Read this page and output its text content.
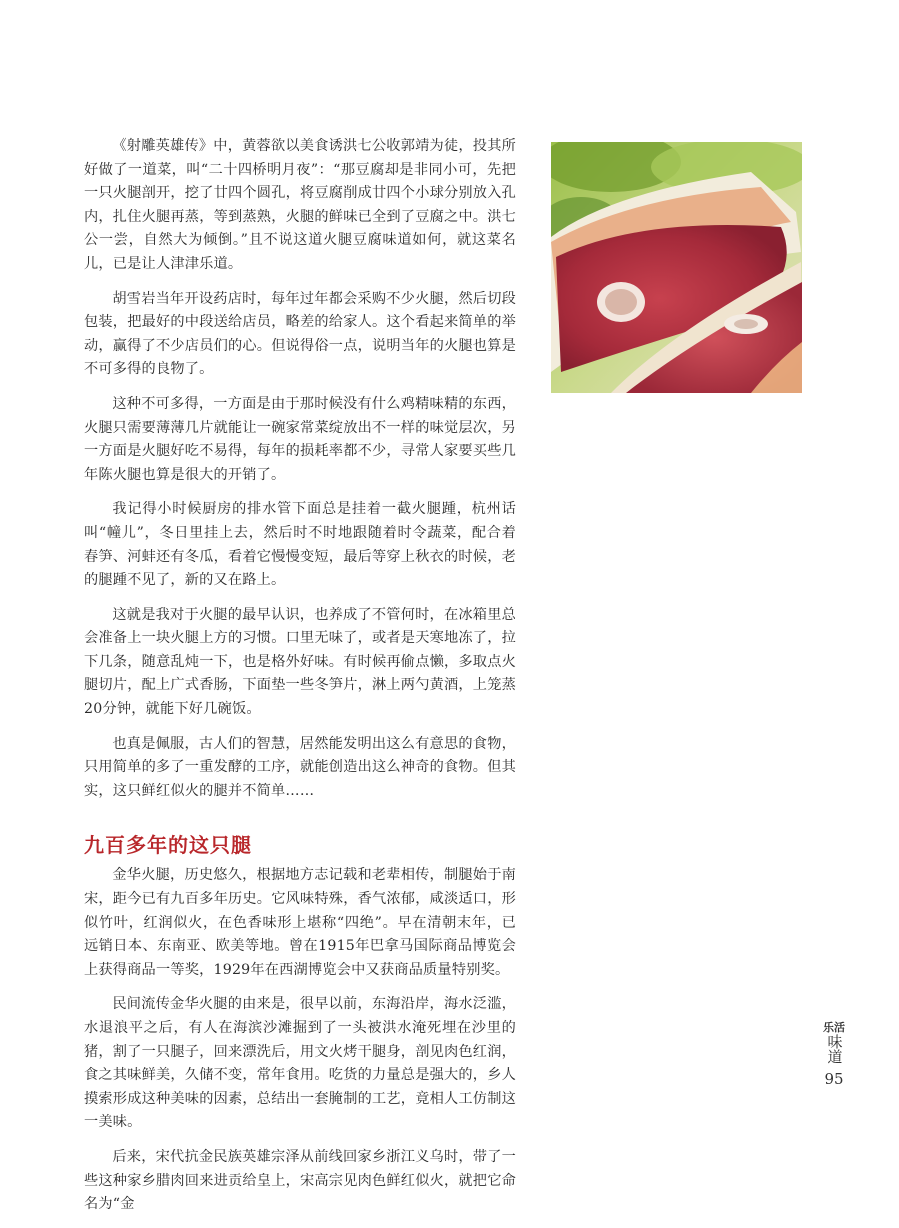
《射雕英雄传》中，黄蓉欲以美食诱洪七公收郭靖为徒，投其所好做了一道菜，叫“二十四桥明月夜”：“那豆腐却是非同小可，先把一只火腿剖开，挖了廿四个圆孔，将豆腐削成廿四个小球分别放入孔内，扎住火腿再蒸，等到蒸熟，火腿的鲜味已全到了豆腐之中。洪七公一尝，自然大为倾倒。”且不说这道火腿豆腐味道如何，就这菜名儿，已是让人津津乐道。

胡雪岩当年开设药店时，每年过年都会采购不少火腿，然后切段包装，把最好的中段送给店员，略差的给家人。这个看起来简单的举动，赢得了不少店员们的心。但说得俗一点，说明当年的火腿也算是不可多得的良物了。

这种不可多得，一方面是由于那时候没有什么鸡精味精的东西，火腿只需要薄薄几片就能让一碗家常菜绽放出不一样的味觉层次，另一方面是火腿好吃不易得，每年的损耗率都不少，寻常人家要买些几年陈火腿也算是很大的开销了。

我记得小时候厨房的排水管下面总是挂着一截火腿踵，杭州话叫“幢儿”，冬日里挂上去，然后时不时地跟随着时令蔬菜，配合着春笋、河蚌还有冬瓜，看着它慢慢变短，最后等穿上秋衣的时候，老的腿踵不见了，新的又在路上。

这就是我对于火腿的最早认识，也养成了不管何时，在冰箱里总会准备上一块火腿上方的习惯。口里无味了，或者是天寒地冻了，拉下几条，随意乱炖一下，也是格外好味。有时候再偷点懒，多取点火腿切片，配上广式香肠，下面垫一些冬笋片，淋上两勺黄酒，上笼蒸20分钟，就能下好几碗饭。

也真是佩服，古人们的智慧，居然能发明出这么有意思的食物，只用简单的多了一重发酵的工序，就能创造出这么神奇的食物。但其实，这只鲜红似火的腿并不简单……

九百多年的这只腿

金华火腿，历史悠久，根据地方志记载和老辈相传，制腿始于南宋，距今已有九百多年历史。它风味特殊，香气浓郁，咸淡适口，形似竹叶，红润似火，在色香味形上堪称“四绝”。早在清朝末年，已远销日本、东南亚、欧美等地。曾在1915年巴拿马国际商品博览会上获得商品一等奖，1929年在西湖博览会中又获商品质量特别奖。

民间流传金华火腿的由来是，很早以前，东海沿岸，海水泛滥，水退浪平之后，有人在海滨沙滩掘到了一头被洪水淹死埋在沙里的猪，割了一只腿子，回来漂洗后，用文火烤干腿身，剖见肉色红润，食之其味鲜美，久储不变，常年食用。吃货的力量总是强大的，乡人摸索形成这种美味的因素，总结出一套腌制的工艺，竟相人工仿制这一美味。

后来，宋代抗金民族英雄宗泽从前线回家乡浙江义乌时，带了一些这种家乡腊肉回来进贡给皇上，宋高宗见肉色鲜红似火，就把它命名为“金

乐活
味道
95
